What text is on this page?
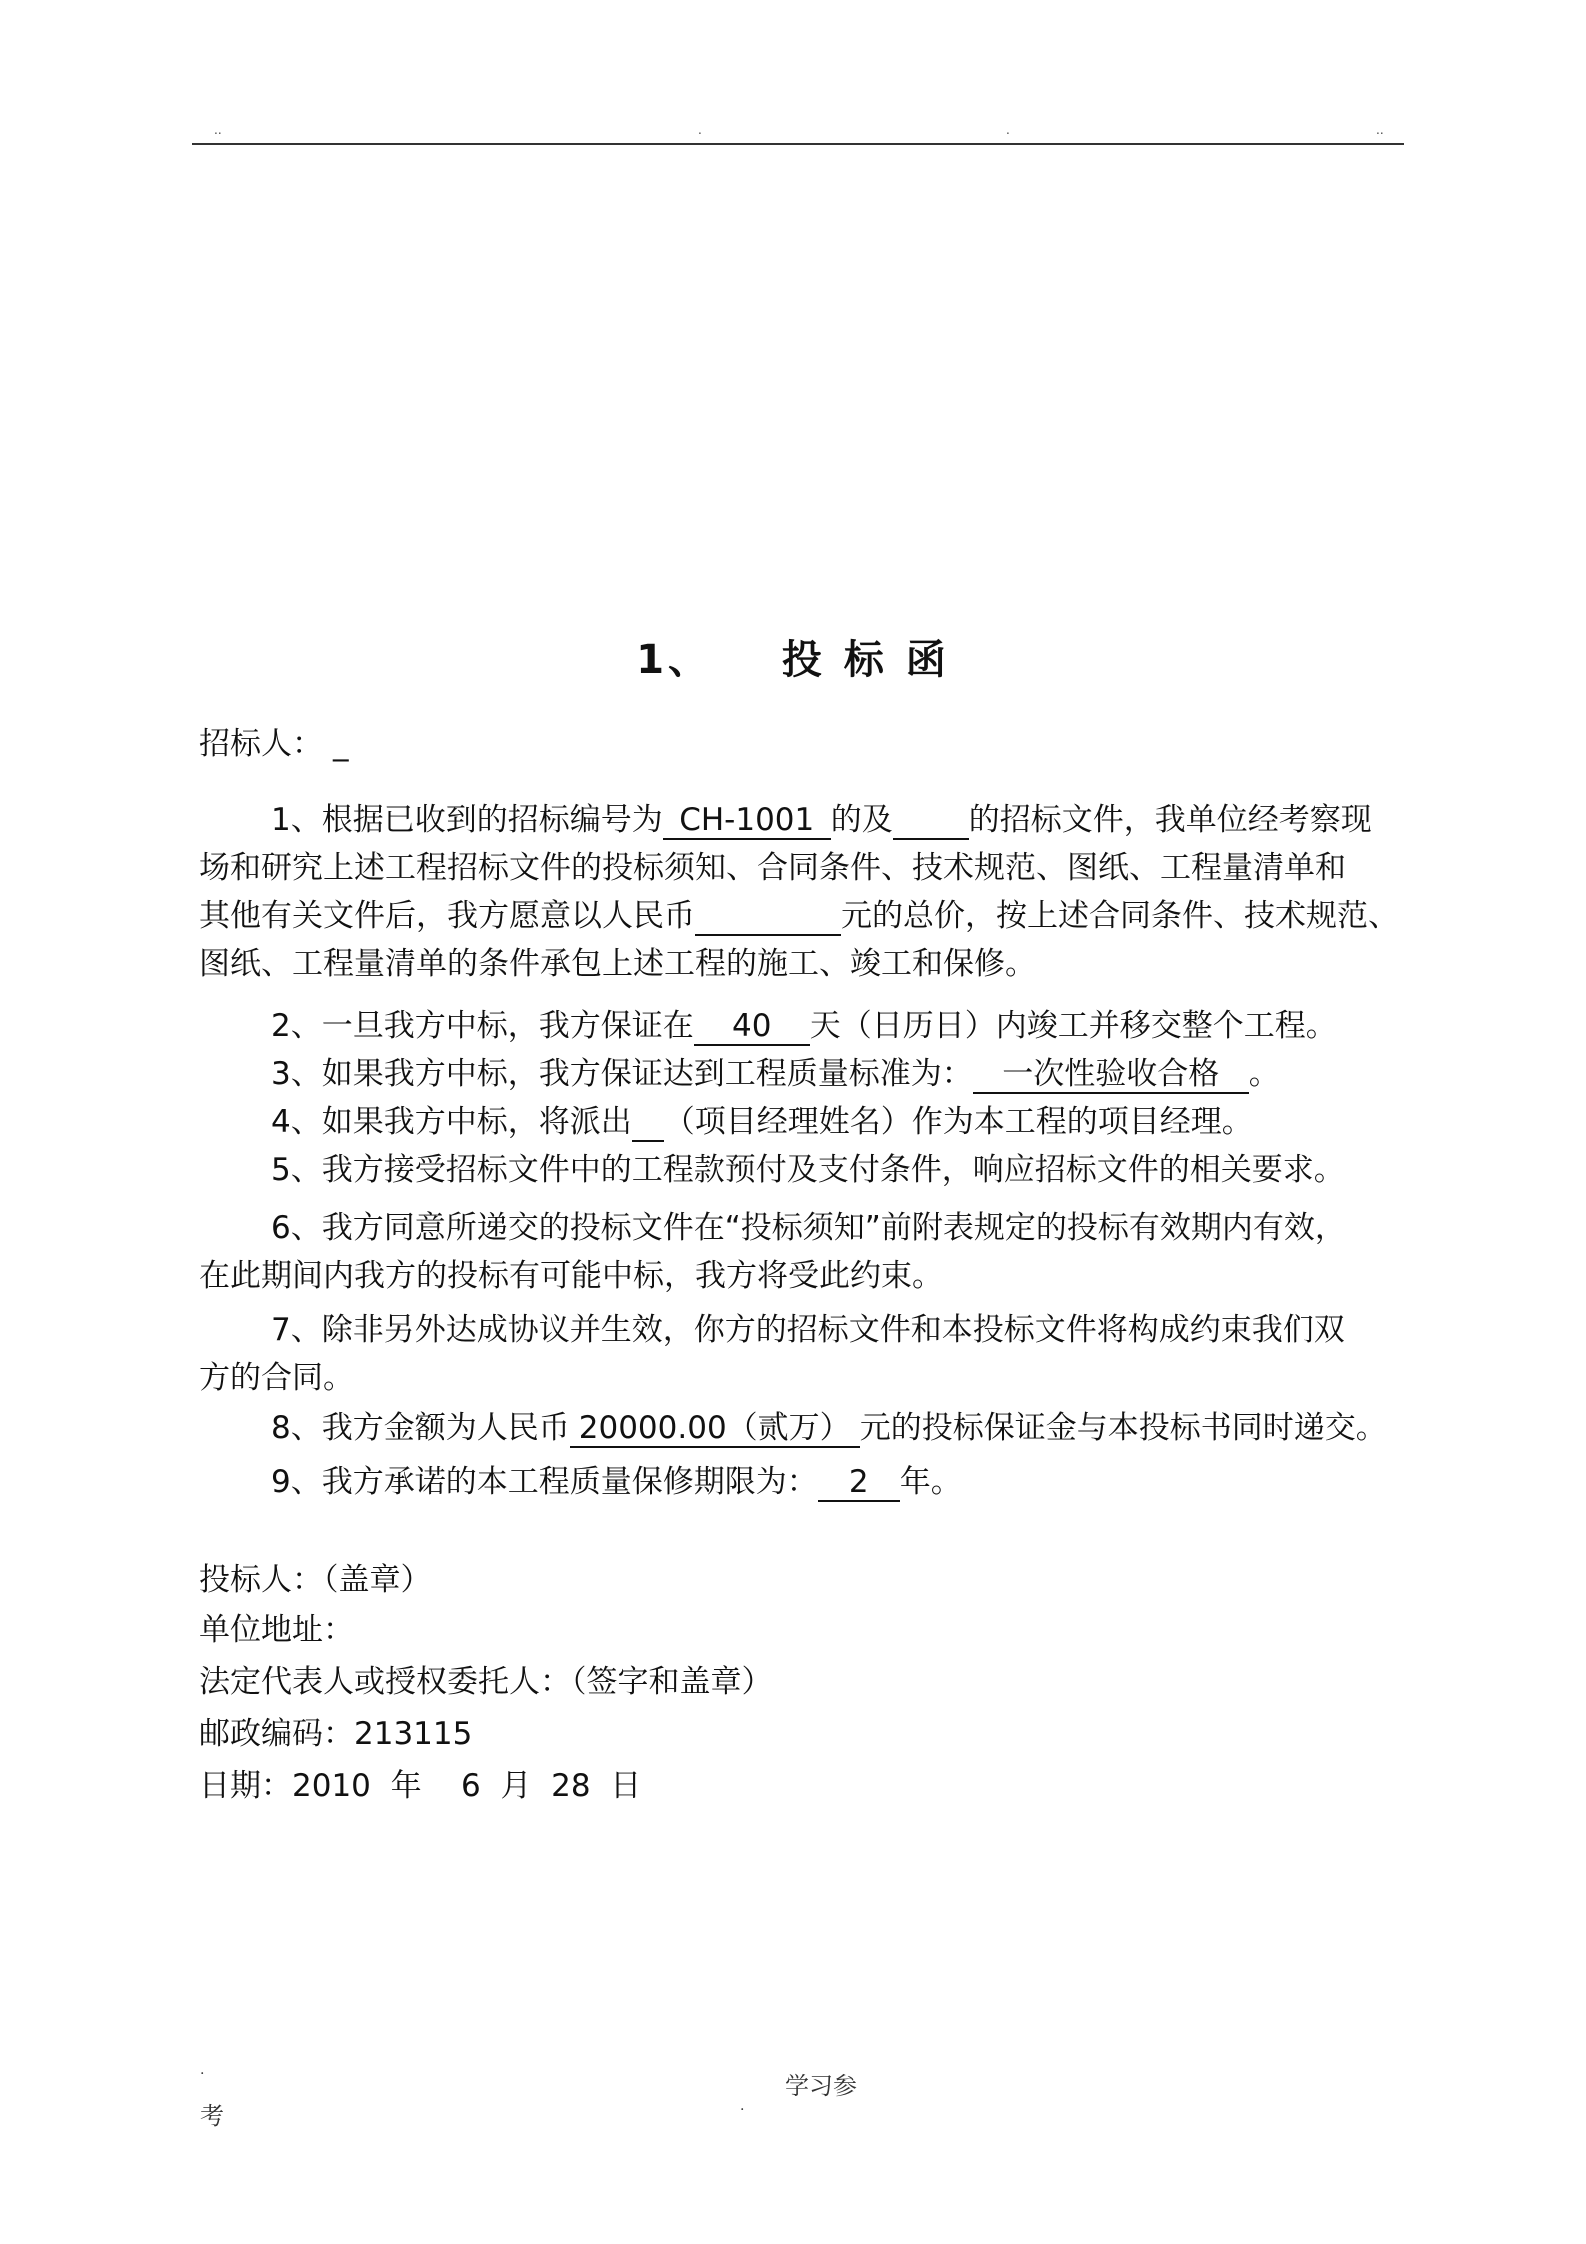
..	.	.	..
1、 投 标 函
招标人： _
1、根据已收到的招标编号为 CH-1001 的及 的招标文件，我单位经考察现
场和研究上述工程招标文件的投标须知、合同条件、技术规范、图纸、工程量清单和
其他有关文件后，我方愿意以人民币	元的总价，按上述合同条件、技术规范、
图纸、工程量清单的条件承包上述工程的施工、竣工和保修。
2、一旦我方中标，我方保证在 40 天（日历日）内竣工并移交整个工程。
3、如果我方中标，我方保证达到工程质量标准为： 一次性验收合格 。
4、如果我方中标，将派出 （项目经理姓名）作为本工程的项目经理。
5、我方接受招标文件中的工程款预付及支付条件，响应招标文件的相关要求。
6、我方同意所递交的投标文件在“投标须知”前附表规定的投标有效期内有效，
在此期间内我方的投标有可能中标，我方将受此约束。
7、除非另外达成协议并生效，你方的招标文件和本投标文件将构成约束我们双
方的合同。
8、我方金额为人民币 20000.00（贰万） 元的投标保证金与本投标书同时递交。
9、我方承诺的本工程质量保修期限为： 2 年。
投标人：（盖章）
单位地址：
法定代表人或授权委托人：（签字和盖章）
邮政编码：213115
日期：2010  年    6  月  28  日
.
学习参
考	.
